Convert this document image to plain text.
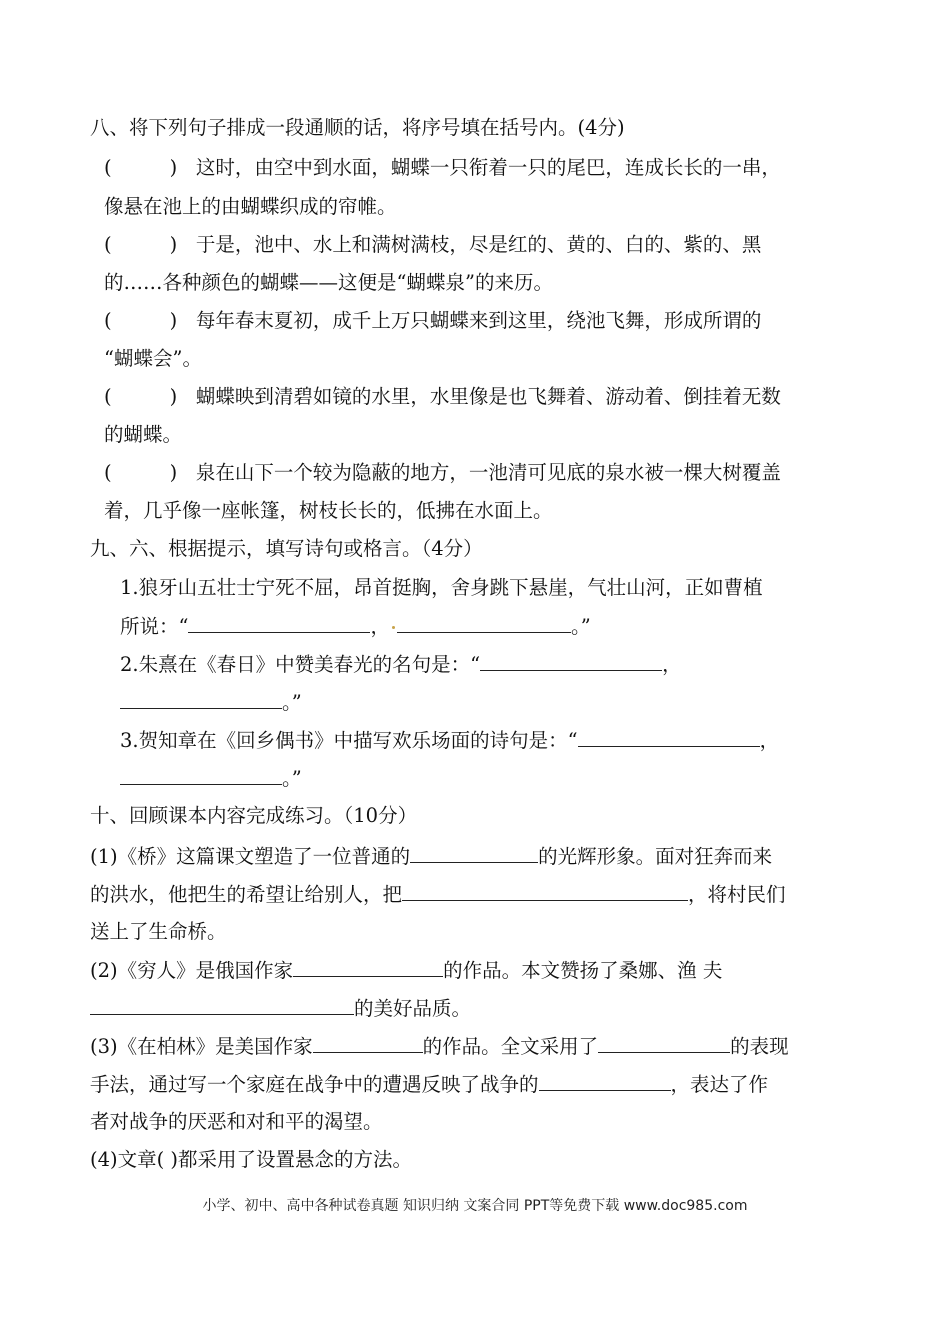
八、将下列句子排成一段通顺的话，将序号填在括号内。(4分)
(	) 这时，由空中到水面，蝴蝶一只衔着一只的尾巴，连成长长的一串，
像悬在池上的由蝴蝶织成的帘帷。
(	) 于是，池中、水上和满树满枝，尽是红的、黄的、白的、紫的、黑
的……各种颜色的蝴蝶——这便是“蝴蝶泉”的来历。
(	) 每年春末夏初，成千上万只蝴蝶来到这里，绕池飞舞，形成所谓的
“蝴蝶会”。
(	) 蝴蝶映到清碧如镜的水里，水里像是也飞舞着、游动着、倒挂着无数
的蝴蝶。
(	) 泉在山下一个较为隐蔽的地方，一池清可见底的泉水被一棵大树覆盖
着，几乎像一座帐篷，树枝长长的，低拂在水面上。
九、六、根据提示，填写诗句或格言。（4分）
1.狼牙山五壮士宁死不屈，昂首挺胸，舍身跳下悬崖，气壮山河，正如曹植
所说：“	，	。”
2.朱熹在《春日》中赞美春光的名句是：“	，
。”
3.贺知章在《回乡偶书》中描写欢乐场面的诗句是：“	，
。”
十、回顾课本内容完成练习。（10分）
(1)《桥》这篇课文塑造了一位普通的	的光辉形象。面对狂奔而来
的洪水，他把生的希望让给别人，把	，将村民们
送上了生命桥。
(2)《穷人》是俄国作家	的作品。本文赞扬了桑娜、渔 夫
的美好品质。
(3)《在柏林》是美国作家	的作品。全文采用了	的表现
手法，通过写一个家庭在战争中的遭遇反映了战争的	，表达了作
者对战争的厌恶和对和平的渴望。
(4)文章( )都采用了设置悬念的方法。
小学、初中、高中各种试卷真题 知识归纳 文案合同 PPT等免费下载 www.doc985.com
